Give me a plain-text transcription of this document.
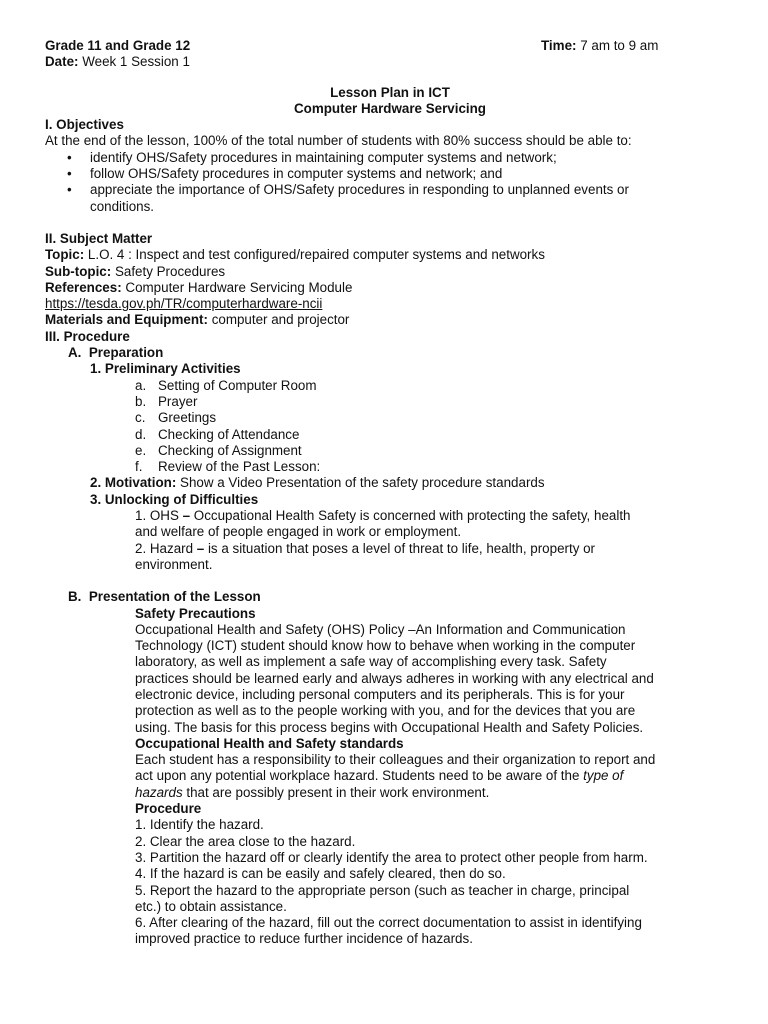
Grade 11 and Grade 12	Time: 7 am to 9 am
Date: Week 1 Session 1
Lesson Plan in ICT
Computer Hardware Servicing
I. Objectives
At the end of the lesson, 100% of the total number of students with 80% success should be able to:
• identify OHS/Safety procedures in maintaining computer systems and network;
• follow OHS/Safety procedures in computer systems and network; and
• appreciate the importance of OHS/Safety procedures in responding to unplanned events or
conditions.
II. Subject Matter
Topic: L.O. 4 : Inspect and test configured/repaired computer systems and networks
Sub-topic: Safety Procedures
References: Computer Hardware Servicing Module
https://tesda.gov.ph/TR/computerhardware-ncii
Materials and Equipment: computer and projector
III. Procedure
A. Preparation
1. Preliminary Activities
a. Setting of Computer Room
b. Prayer
c. Greetings
d. Checking of Attendance
e. Checking of Assignment
f. Review of the Past Lesson:
2. Motivation: Show a Video Presentation of the safety procedure standards
3. Unlocking of Difficulties
1. OHS – Occupational Health Safety is concerned with protecting the safety, health
and welfare of people engaged in work or employment.
2. Hazard – is a situation that poses a level of threat to life, health, property or
environment.
B. Presentation of the Lesson
Safety Precautions
Occupational Health and Safety (OHS) Policy –An Information and Communication
Technology (ICT) student should know how to behave when working in the computer
laboratory, as well as implement a safe way of accomplishing every task. Safety
practices should be learned early and always adheres in working with any electrical and
electronic device, including personal computers and its peripherals. This is for your
protection as well as to the people working with you, and for the devices that you are
using. The basis for this process begins with Occupational Health and Safety Policies.
Occupational Health and Safety standards
Each student has a responsibility to their colleagues and their organization to report and
act upon any potential workplace hazard. Students need to be aware of the type of
hazards that are possibly present in their work environment.
Procedure
1. Identify the hazard.
2. Clear the area close to the hazard.
3. Partition the hazard off or clearly identify the area to protect other people from harm.
4. If the hazard is can be easily and safely cleared, then do so.
5. Report the hazard to the appropriate person (such as teacher in charge, principal
etc.) to obtain assistance.
6. After clearing of the hazard, fill out the correct documentation to assist in identifying
improved practice to reduce further incidence of hazards.
